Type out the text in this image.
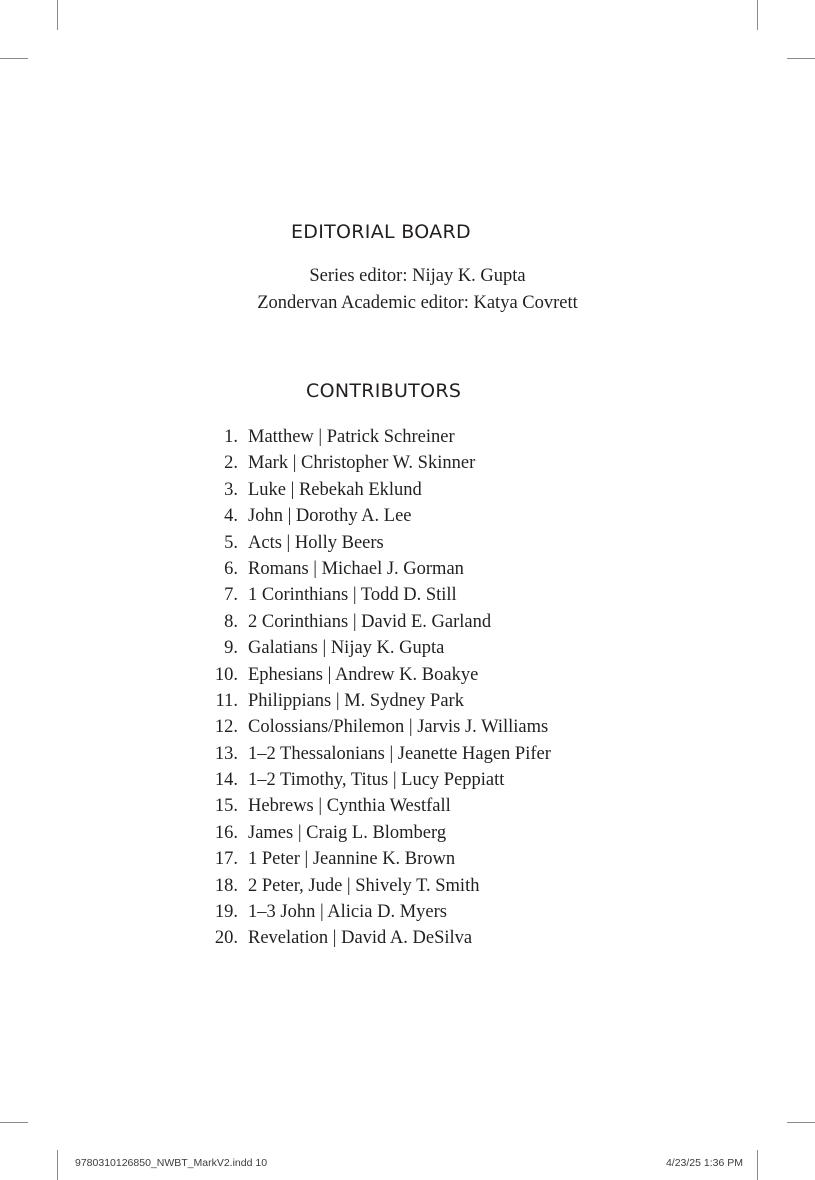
EDITORIAL BOARD
Series editor: Nijay K. Gupta
Zondervan Academic editor: Katya Covrett
CONTRIBUTORS
1. Matthew | Patrick Schreiner
2. Mark | Christopher W. Skinner
3. Luke | Rebekah Eklund
4. John | Dorothy A. Lee
5. Acts | Holly Beers
6. Romans | Michael J. Gorman
7. 1 Corinthians | Todd D. Still
8. 2 Corinthians | David E. Garland
9. Galatians | Nijay K. Gupta
10. Ephesians | Andrew K. Boakye
11. Philippians | M. Sydney Park
12. Colossians/Philemon | Jarvis J. Williams
13. 1–2 Thessalonians | Jeanette Hagen Pifer
14. 1–2 Timothy, Titus | Lucy Peppiatt
15. Hebrews | Cynthia Westfall
16. James | Craig L. Blomberg
17. 1 Peter | Jeannine K. Brown
18. 2 Peter, Jude | Shively T. Smith
19. 1–3 John | Alicia D. Myers
20. Revelation | David A. DeSilva
9780310126850_NWBT_MarkV2.indd 10	4/23/25 1:36 PM
